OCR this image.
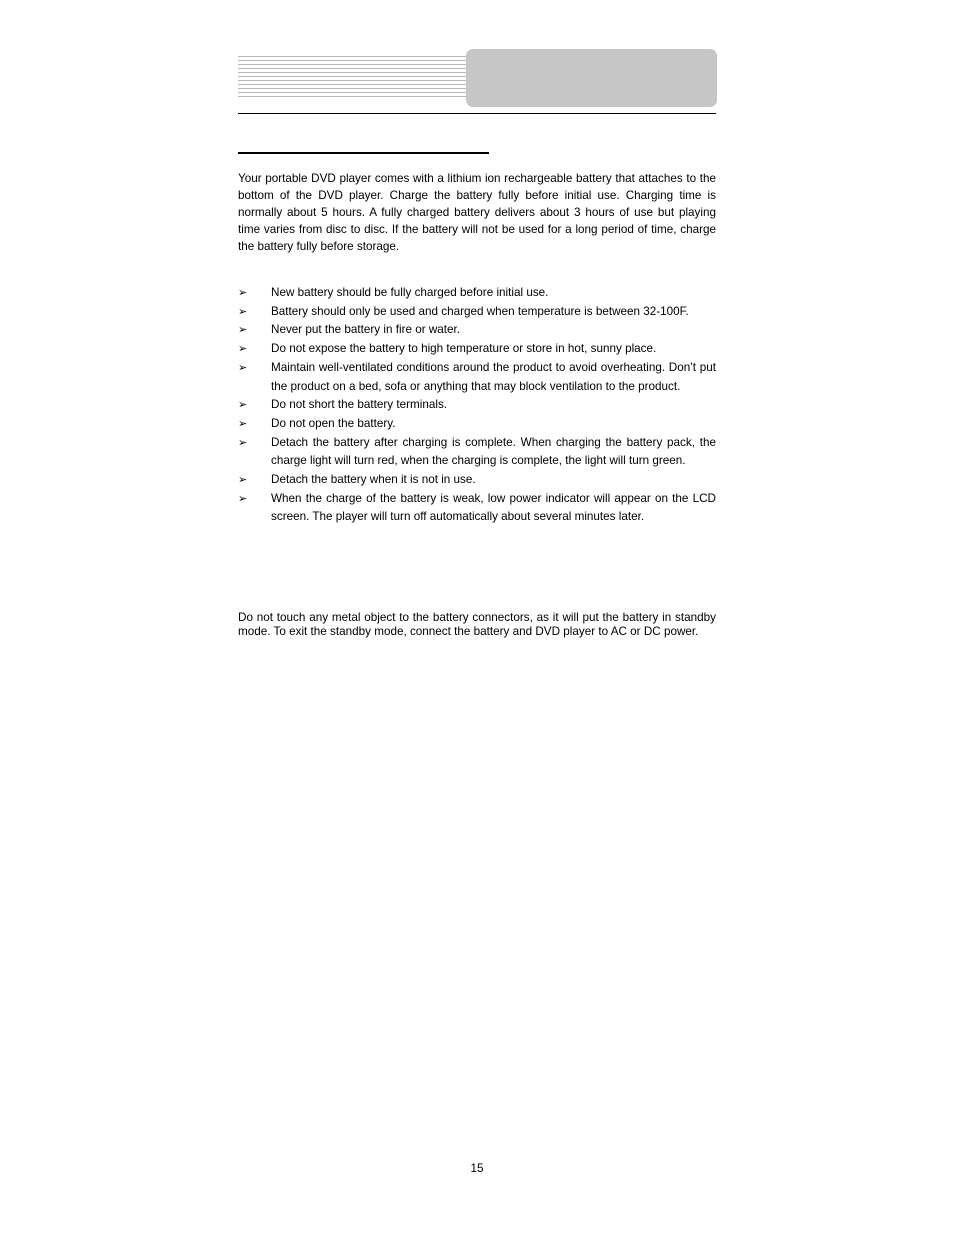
Your portable DVD player comes with a lithium ion rechargeable battery that attaches to the bottom of the DVD player. Charge the battery fully before initial use. Charging time is normally about 5 hours. A fully charged battery delivers about 3 hours of use but playing time varies from disc to disc. If the battery will not be used for a long period of time, charge the battery fully before storage.

➢ New battery should be fully charged before initial use.
➢ Battery should only be used and charged when temperature is between 32-100F.
➢ Never put the battery in fire or water.
➢ Do not expose the battery to high temperature or store in hot, sunny place.
➢ Maintain well-ventilated conditions around the product to avoid overheating. Don’t put the product on a bed, sofa or anything that may block ventilation to the product.
➢ Do not short the battery terminals.
➢ Do not open the battery.
➢ Detach the battery after charging is complete. When charging the battery pack, the charge light will turn red, when the charging is complete, the light will turn green.
➢ Detach the battery when it is not in use.
➢ When the charge of the battery is weak, low power indicator will appear on the LCD screen. The player will turn off automatically about several minutes later.

Do not touch any metal object to the battery connectors, as it will put the battery in standby mode. To exit the standby mode, connect the battery and DVD player to AC or DC power.

15
